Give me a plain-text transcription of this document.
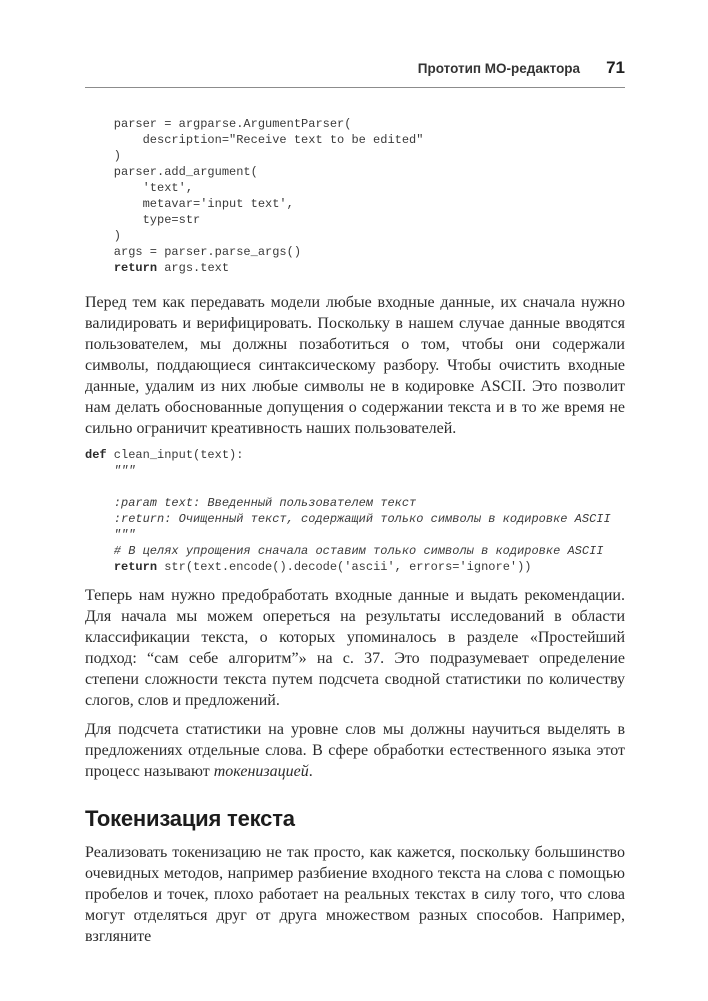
Прототип МО-редактора 71
parser = argparse.ArgumentParser(
description="Receive text to be edited"
)
parser.add_argument(
'text',
metavar='input text',
type=str
)
args = parser.parse_args()
return args.text

Перед тем как передавать модели любые входные данные, их сначала нужно валидировать и верифицировать. Поскольку в нашем случае данные вводятся пользователем, мы должны позаботиться о том, чтобы они содержали символы, поддающиеся синтаксическому разбору. Чтобы очистить входные данные, удалим из них любые символы не в кодировке ASCII. Это позволит нам делать обоснованные допущения о содержании текста и в то же время не сильно ограничит креативность наших пользователей.

def clean_input(text):
"""
:param text: Введенный пользователем текст
:return: Очищенный текст, содержащий только символы в кодировке ASCII
"""
# В целях упрощения сначала оставим только символы в кодировке ASCII
return str(text.encode().decode('ascii', errors='ignore'))

Теперь нам нужно предобработать входные данные и выдать рекомендации. Для начала мы можем опереться на результаты исследований в области классификации текста, о которых упоминалось в разделе «Простейший подход: “сам себе алгоритм”» на с. 37. Это подразумевает определение степени сложности текста путем подсчета сводной статистики по количеству слогов, слов и предложений.

Для подсчета статистики на уровне слов мы должны научиться выделять в предложениях отдельные слова. В сфере обработки естественного языка этот процесс называют токенизацией.

Токенизация текста

Реализовать токенизацию не так просто, как кажется, поскольку большинство очевидных методов, например разбиение входного текста на слова с помощью пробелов и точек, плохо работает на реальных текстах в силу того, что слова могут отделяться друг от друга множеством разных способов. Например, взгляните
